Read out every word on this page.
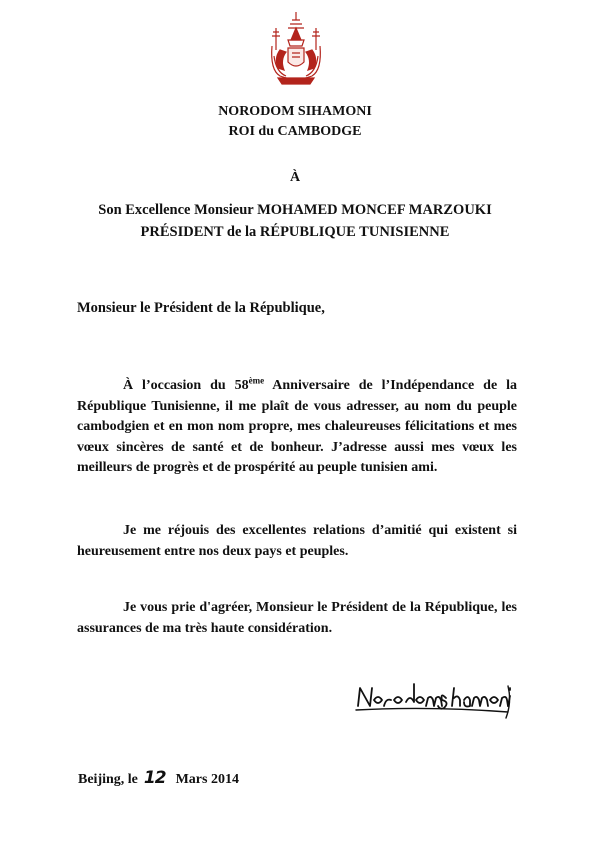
NORODOM SIHAMONI
ROI du CAMBODGE
À
Son Excellence Monsieur MOHAMED MONCEF MARZOUKI
PRÉSIDENT de la RÉPUBLIQUE TUNISIENNE
Monsieur le Président de la République,

À l’occasion du 58ème Anniversaire de l’Indépendance de la République Tunisienne, il me plaît de vous adresser, au nom du peuple cambodgien et en mon nom propre, mes chaleureuses félicitations et mes vœux sincères de santé et de bonheur. J’adresse aussi mes vœux les meilleurs de progrès et de prospérité au peuple tunisien ami.

Je me réjouis des excellentes relations d’amitié qui existent si heureusement entre nos deux pays et peuples.

Je vous prie d'agréer, Monsieur le Président de la République, les assurances de ma très haute considération.

Beijing, le 12 Mars 2014
